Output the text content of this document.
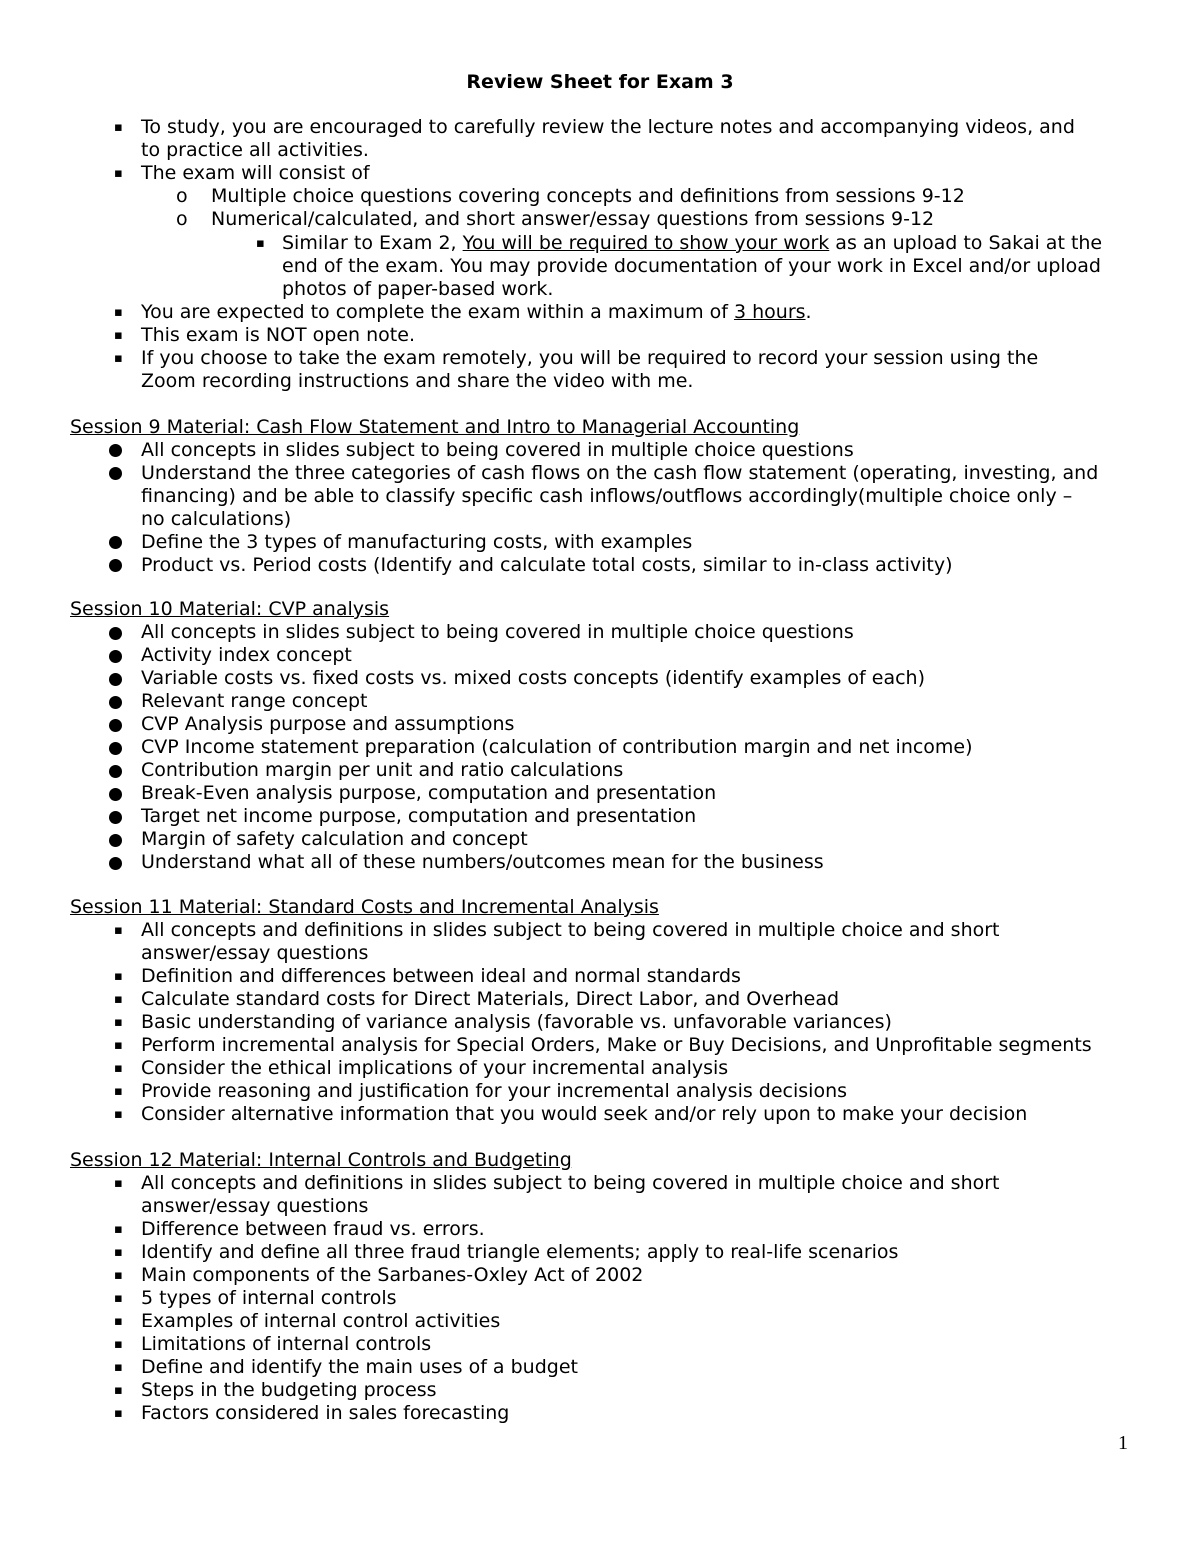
Review Sheet for Exam 3
▪ To study, you are encouraged to carefully review the lecture notes and accompanying videos, and
to practice all activities.
▪ The exam will consist of
o Multiple choice questions covering concepts and definitions from sessions 9-12
o Numerical/calculated, and short answer/essay questions from sessions 9-12
▪ Similar to Exam 2, You will be required to show your work as an upload to Sakai at the
end of the exam. You may provide documentation of your work in Excel and/or upload
photos of paper-based work.
▪ You are expected to complete the exam within a maximum of 3 hours.
▪ This exam is NOT open note.
▪ If you choose to take the exam remotely, you will be required to record your session using the
Zoom recording instructions and share the video with me.
Session 9 Material: Cash Flow Statement and Intro to Managerial Accounting
All concepts in slides subject to being covered in multiple choice questions
Understand the three categories of cash flows on the cash flow statement (operating, investing, and
financing) and be able to classify specific cash inflows/outflows accordingly(multiple choice only –
no calculations)
Define the 3 types of manufacturing costs, with examples
Product vs. Period costs (Identify and calculate total costs, similar to in-class activity)
Session 10 Material: CVP analysis
All concepts in slides subject to being covered in multiple choice questions
Activity index concept
Variable costs vs. fixed costs vs. mixed costs concepts (identify examples of each)
Relevant range concept
CVP Analysis purpose and assumptions
CVP Income statement preparation (calculation of contribution margin and net income)
Contribution margin per unit and ratio calculations
Break-Even analysis purpose, computation and presentation
Target net income purpose, computation and presentation
Margin of safety calculation and concept
Understand what all of these numbers/outcomes mean for the business
Session 11 Material: Standard Costs and Incremental Analysis
▪ All concepts and definitions in slides subject to being covered in multiple choice and short
answer/essay questions
▪ Definition and differences between ideal and normal standards
▪ Calculate standard costs for Direct Materials, Direct Labor, and Overhead
▪ Basic understanding of variance analysis (favorable vs. unfavorable variances)
▪ Perform incremental analysis for Special Orders, Make or Buy Decisions, and Unprofitable segments
▪ Consider the ethical implications of your incremental analysis
▪ Provide reasoning and justification for your incremental analysis decisions
▪ Consider alternative information that you would seek and/or rely upon to make your decision
Session 12 Material: Internal Controls and Budgeting
▪ All concepts and definitions in slides subject to being covered in multiple choice and short
answer/essay questions
▪ Difference between fraud vs. errors.
▪ Identify and define all three fraud triangle elements; apply to real-life scenarios
▪ Main components of the Sarbanes-Oxley Act of 2002
▪ 5 types of internal controls
▪ Examples of internal control activities
▪ Limitations of internal controls
▪ Define and identify the main uses of a budget
▪ Steps in the budgeting process
▪ Factors considered in sales forecasting
1
